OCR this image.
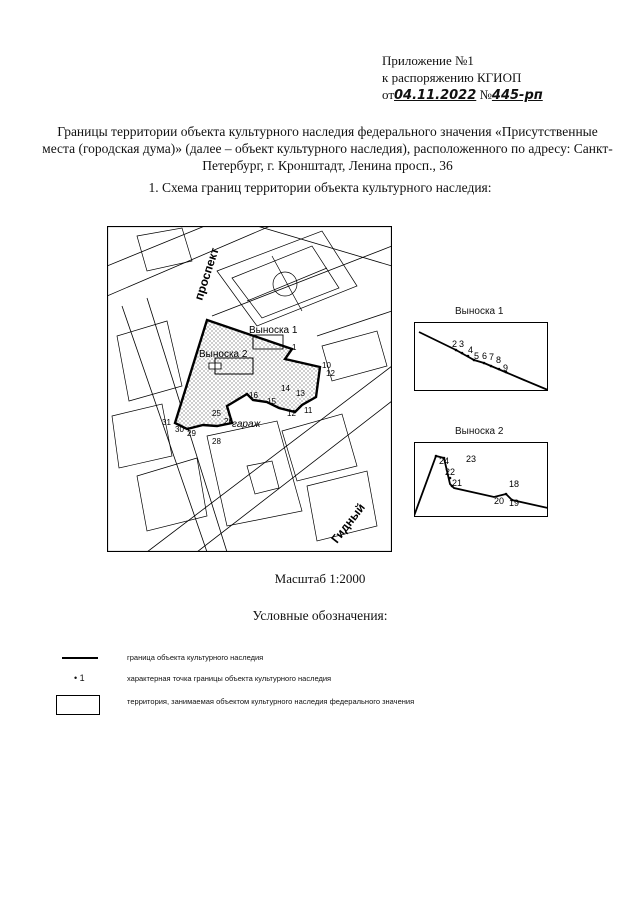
Приложение №1
к распоряжению КГИОП
от04.11.2022 №445-рп
Границы территории объекта культурного наследия федерального значения «Присутственные места (городская дума)» (далее – объект культурного наследия), расположенного по адресу: Санкт-Петербург, г. Кронштадт, Ленина просп., 36
1. Схема границ территории объекта культурного наследия:
Выноска 1
Выноска 2
гараж
проспект
Гидный
1
10
12
13
14
15
16
12 11
25
26
28
29
30
31
Выноска 1
2 3
4
5 6 7 8
9
Выноска 2
24 23
22
21	18
20 19
Масштаб 1:2000
Условные обозначения:
граница объекта культурного наследия
• 1	характерная точка границы объекта культурного наследия
территория, занимаемая объектом культурного наследия федерального значения
